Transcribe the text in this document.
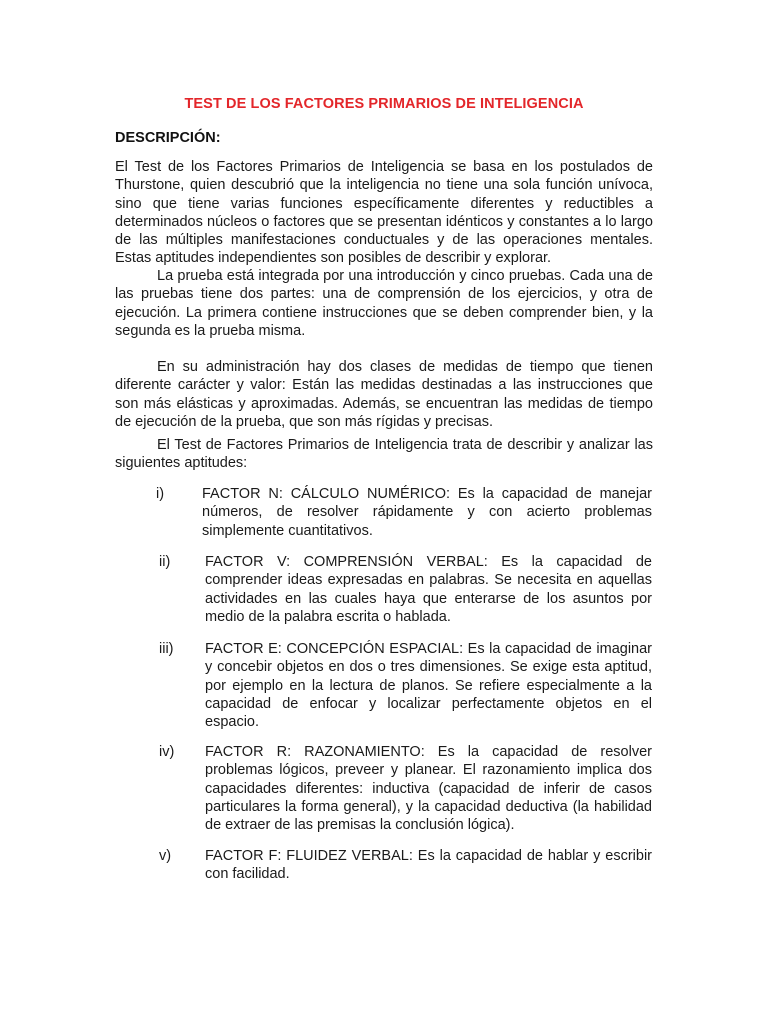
TEST DE LOS FACTORES PRIMARIOS DE INTELIGENCIA
DESCRIPCIÓN:
El Test de los Factores Primarios de Inteligencia se basa en los postulados de Thurstone, quien descubrió que la inteligencia no tiene una sola función unívoca, sino que tiene varias funciones específicamente diferentes y reductibles a determinados núcleos o factores que se presentan idénticos y constantes a lo largo de las múltiples manifestaciones conductuales y de las operaciones mentales. Estas aptitudes independientes son posibles de describir y explorar.
La prueba está integrada por una introducción y cinco pruebas. Cada una de las pruebas tiene dos partes: una de comprensión de los ejercicios, y otra de ejecución. La primera contiene instrucciones que se deben comprender bien, y la segunda es la prueba misma.
En su administración hay dos clases de medidas de tiempo que tienen diferente carácter y valor: Están las medidas destinadas a las instrucciones que son más elásticas y aproximadas. Además, se encuentran las medidas de tiempo de ejecución de la prueba, que son más rígidas y precisas.
El Test de Factores Primarios de Inteligencia trata de describir y analizar las siguientes aptitudes:
i)	FACTOR N: CÁLCULO NUMÉRICO: Es la capacidad de manejar números, de resolver rápidamente y con acierto problemas simplemente cuantitativos.
ii) FACTOR V: COMPRENSIÓN VERBAL: Es la capacidad de comprender ideas expresadas en palabras. Se necesita en aquellas actividades en las cuales haya que enterarse de los asuntos por medio de la palabra escrita o hablada.
iii) FACTOR E: CONCEPCIÓN ESPACIAL: Es la capacidad de imaginar y concebir objetos en dos o tres dimensiones. Se exige esta aptitud, por ejemplo en la lectura de planos. Se refiere especialmente a la capacidad de enfocar y localizar perfectamente objetos en el espacio.
iv) FACTOR R: RAZONAMIENTO: Es la capacidad de resolver problemas lógicos, preveer y planear. El razonamiento implica dos capacidades diferentes: inductiva (capacidad de inferir de casos particulares la forma general), y la capacidad deductiva (la habilidad de extraer de las premisas la conclusión lógica).
v) FACTOR F: FLUIDEZ VERBAL: Es la capacidad de hablar y escribir con facilidad.
